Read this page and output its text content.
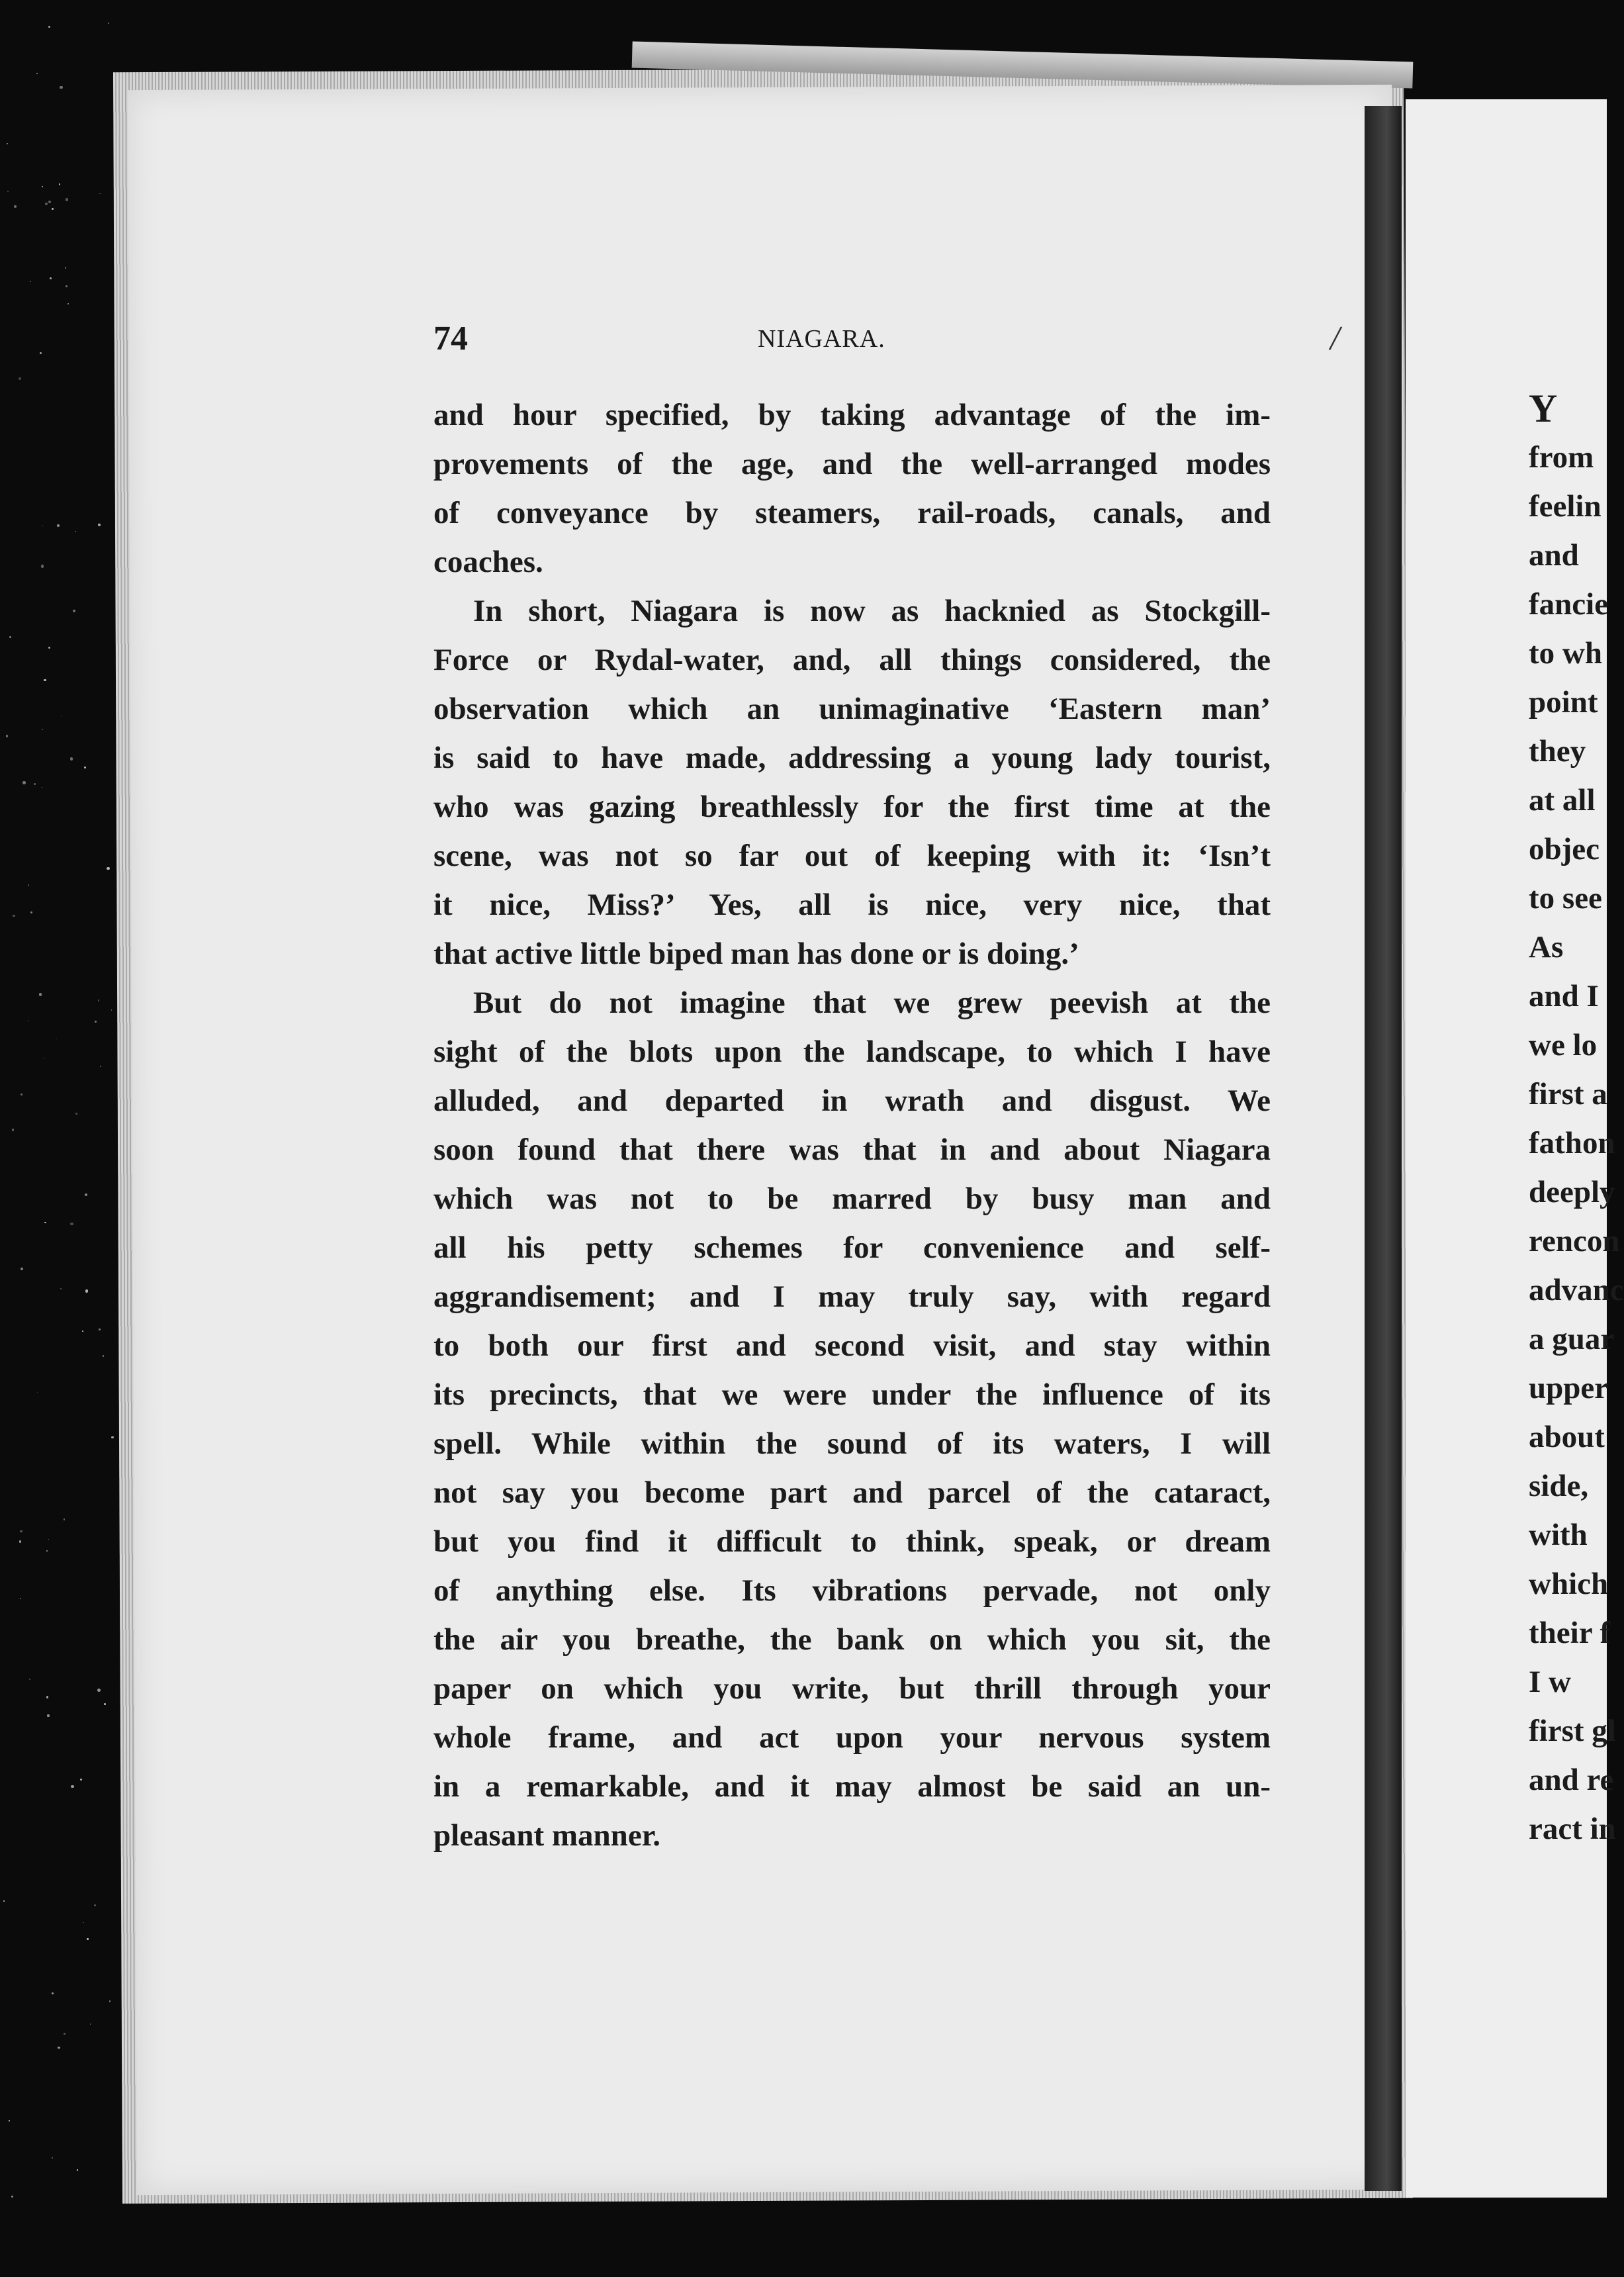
74	NIAGARA.	/
and hour specified, by taking advantage of the im-
provements of the age, and the well-arranged modes
of conveyance by steamers, rail-roads, canals, and
coaches.
In short, Niagara is now as hacknied as Stockgill-
Force or Rydal-water, and, all things considered, the
observation which an unimaginative ‘Eastern man’
is said to have made, addressing a young lady tourist,
who was gazing breathlessly for the first time at the
scene, was not so far out of keeping with it: ‘Isn’t
it nice, Miss?’ Yes, all is nice, very nice, that
that active little biped man has done or is doing.’
But do not imagine that we grew peevish at the
sight of the blots upon the landscape, to which I have
alluded, and departed in wrath and disgust. We
soon found that there was that in and about Niagara
which was not to be marred by busy man and
all his petty schemes for convenience and self-
aggrandisement; and I may truly say, with regard
to both our first and second visit, and stay within
its precincts, that we were under the influence of its
spell. While within the sound of its waters, I will
not say you become part and parcel of the cataract,
but you find it difficult to think, speak, or dream
of anything else. Its vibrations pervade, not only
the air you breathe, the bank on which you sit, the
paper on which you write, but thrill through your
whole frame, and act upon your nervous system
in a remarkable, and it may almost be said an un-
pleasant manner.
Y
from
feelin
and
fancie
to wh
point
they
at all
objec
to see
As
and I
we lo
first a
fathon
deeply
rencon
advanc
a guar
upper
about
side,
with
which
their f
I w
first gl
and re
ract in
